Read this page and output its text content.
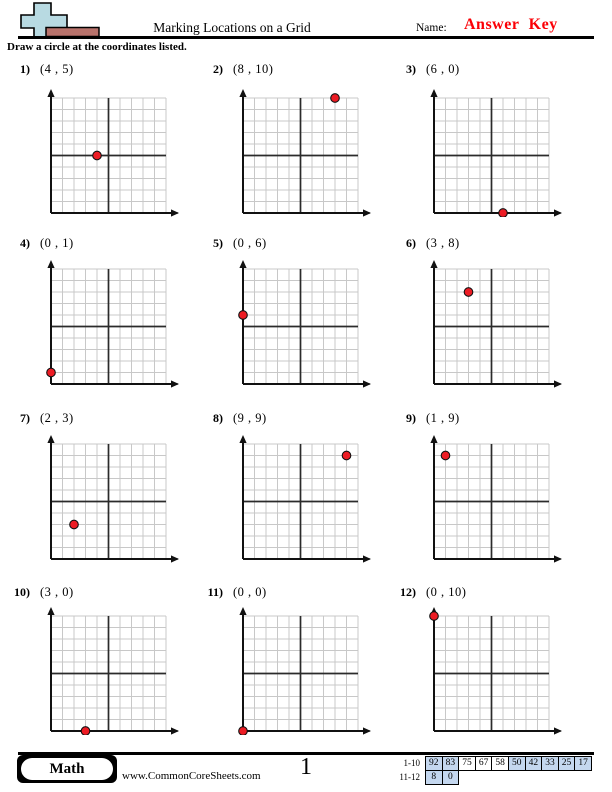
Marking Locations on a Grid	Name: Answer Key
Draw a circle at the coordinates listed.
1) (4 , 5)	2) (8 , 10)	3) (6 , 0)
4) (0 , 1)	5) (0 , 6)	6) (3 , 8)
7) (2 , 3)	8) (9 , 9)	9) (1 , 9)
10) (3 , 0)	11) (0 , 0)	12) (0 , 10)
Math	www.CommonCoreSheets.com	1	1-10 92 83 75 67 58 50 42 33 25 17
11-12	8	0
